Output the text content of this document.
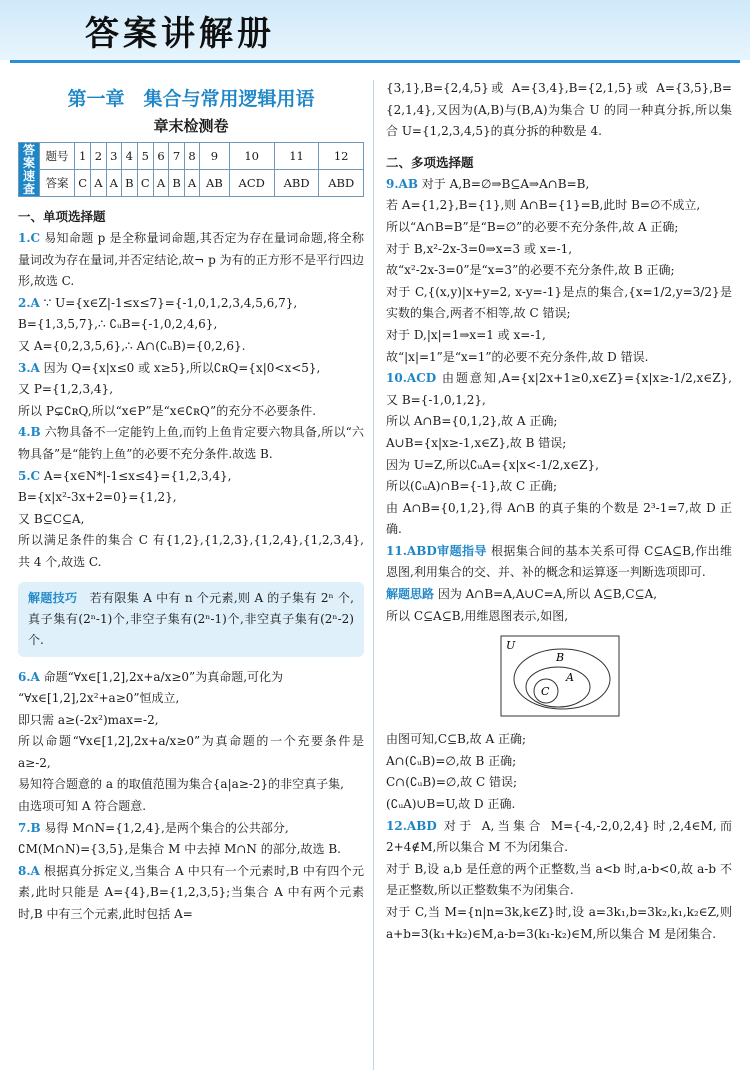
答案讲解册
第一章　集合与常用逻辑用语
章末检测卷
答案速查	题号	1	2	3	4	5	6	7	8	9	10	11	12
	答案	C	A	A	B	C	A	B	A	AB	ACD	ABD	ABD
一、单项选择题

1.C 易知命题 p 是全称量词命题,其否定为存在量词命题,将全称量词改为存在量词,并否定结论,故¬ p 为有的正方形不是平行四边形,故选 C.

2.A ∵ U={x∈Z|-1≤x≤7}={-1,0,1,2,3,4,5,6,7},

B={1,3,5,7},∴ ∁ᵤB={-1,0,2,4,6},

又 A={0,2,3,5,6},∴ A∩(∁ᵤB)={0,2,6}.

3.A 因为 Q={x|x≤0 或 x≥5},所以∁ʀQ={x|0<x<5},

又 P={1,2,3,4},

所以 P⊊∁ʀQ,所以“x∈P”是“x∈∁ʀQ”的充分不必要条件.

4.B 六物具备不一定能钓上鱼,而钓上鱼肯定要六物具备,所以“六物具备”是“能钓上鱼”的必要不充分条件.故选 B.

5.C A={x∈N*|-1≤x≤4}={1,2,3,4},

B={x|x²-3x+2=0}={1,2},

又 B⊆C⊆A,

所以满足条件的集合 C 有{1,2},{1,2,3},{1,2,4},{1,2,3,4},共 4 个,故选 C.

解题技巧　若有限集 A 中有 n 个元素,则 A 的子集有 2ⁿ 个,真子集有(2ⁿ-1)个,非空子集有(2ⁿ-1)个,非空真子集有(2ⁿ-2)个.

6.A 命题“∀x∈[1,2],2x+a/x≥0”为真命题,可化为

“∀x∈[1,2],2x²+a≥0”恒成立,

即只需 a≥(-2x²)max=-2,

所以命题“∀x∈[1,2],2x+a/x≥0”为真命题的一个充要条件是 a≥-2,

易知符合题意的 a 的取值范围为集合{a|a≥-2}的非空真子集,

由选项可知 A 符合题意.

7.B 易得 M∩N={1,2,4},是两个集合的公共部分,

∁M(M∩N)={3,5},是集合 M 中去掉 M∩N 的部分,故选 B.

8.A 根据真分拆定义,当集合 A 中只有一个元素时,B 中有四个元素,此时只能是 A={4},B={1,2,3,5};当集合 A 中有两个元素时,B 中有三个元素,此时包括 A=

{3,1},B={2,4,5}或 A={3,4},B={2,1,5}或 A={3,5},B={2,1,4},又因为(A,B)与(B,A)为集合 U 的同一种真分拆,所以集合 U={1,2,3,4,5}的真分拆的种数是 4.

二、多项选择题

9.AB 对于 A,B=∅⇒B⊆A⇒A∩B=B,

若 A={1,2},B={1},则 A∩B={1}=B,此时 B=∅不成立,

所以“A∩B=B”是“B=∅”的必要不充分条件,故 A 正确;

对于 B,x²-2x-3=0⇒x=3 或 x=-1,

故“x²-2x-3=0”是“x=3”的必要不充分条件,故 B 正确;

对于 C,{(x,y)|x+y=2, x-y=-1}是点的集合,{x=1/2,y=3/2}是实数的集合,两者不相等,故 C 错误;

对于 D,|x|=1⇒x=1 或 x=-1,

故“|x|=1”是“x=1”的必要不充分条件,故 D 错误.

10.ACD 由题意知,A={x|2x+1≥0,x∈Z}={x|x≥-1/2,x∈Z},又 B={-1,0,1,2},

所以 A∩B={0,1,2},故 A 正确;

A∪B={x|x≥-1,x∈Z},故 B 错误;

因为 U=Z,所以∁ᵤA={x|x<-1/2,x∈Z},

所以(∁ᵤA)∩B={-1},故 C 正确;

由 A∩B={0,1,2},得 A∩B 的真子集的个数是 2³-1=7,故 D 正确.

11.ABD审题指导 根据集合间的基本关系可得 C⊆A⊆B,作出维恩图,利用集合的交、并、补的概念和运算逐一判断选项即可.

解题思路 因为 A∩B=A,A∪C=A,所以 A⊆B,C⊆A,

所以 C⊆A⊆B,用维恩图表示,如图,

U
B
A
C

由图可知,C⊆B,故 A 正确;

A∩(∁ᵤB)=∅,故 B 正确;

C∩(∁ᵤB)=∅,故 C 错误;

(∁ᵤA)∪B=U,故 D 正确.

12.ABD 对于 A,当集合 M={-4,-2,0,2,4}时,2,4∈M,而 2+4∉M,所以集合 M 不为闭集合.

对于 B,设 a,b 是任意的两个正整数,当 a<b 时,a-b<0,故 a-b 不是正整数,所以正整数集不为闭集合.

对于 C,当 M={n|n=3k,k∈Z}时,设 a=3k₁,b=3k₂,k₁,k₂∈Z,则 a+b=3(k₁+k₂)∈M,a-b=3(k₁-k₂)∈M,所以集合 M 是闭集合.
